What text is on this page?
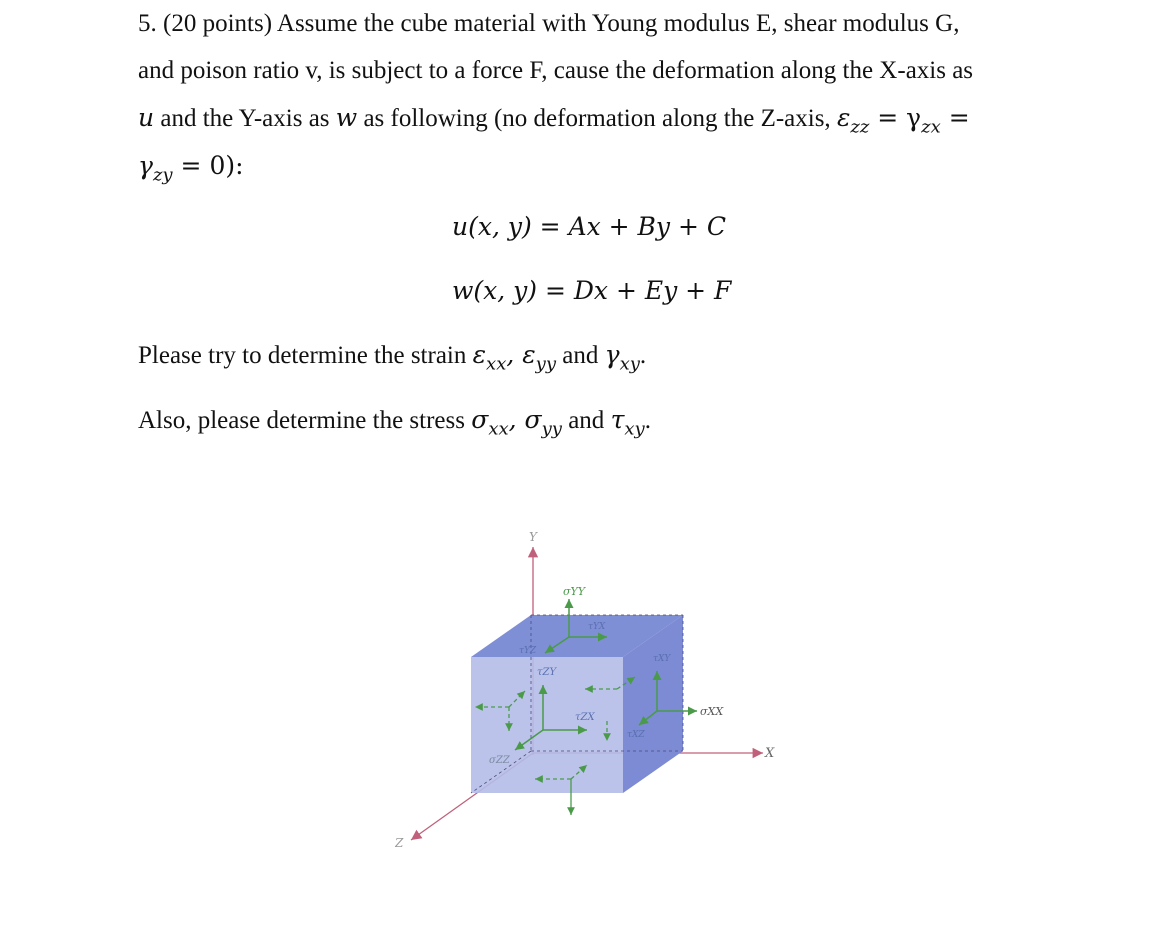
5. (20 points) Assume the cube material with Young modulus E, shear modulus G,
and poison ratio v, is subject to a force F, cause the deformation along the X-axis as
u and the Y-axis as w as following (no deformation along the Z-axis, $\varepsilon_{zz} = \gamma_{zx}$ =
$\gamma_{zy} = 0$):
u(x, y) = Ax + By + C
w(x, y) = Dx + Ey + F
Please try to determine the strain $\varepsilon_{xx}$, $\varepsilon_{yy}$ and $\gamma_{xy}$.
Also, please determine the stress $\sigma_{xx}$, $\sigma_{yy}$ and $\tau_{xy}$.
Y
X
Z
σYY
τYX
τYZ
τZY
τZX
σZZ
σXX
τXY
τXZ
